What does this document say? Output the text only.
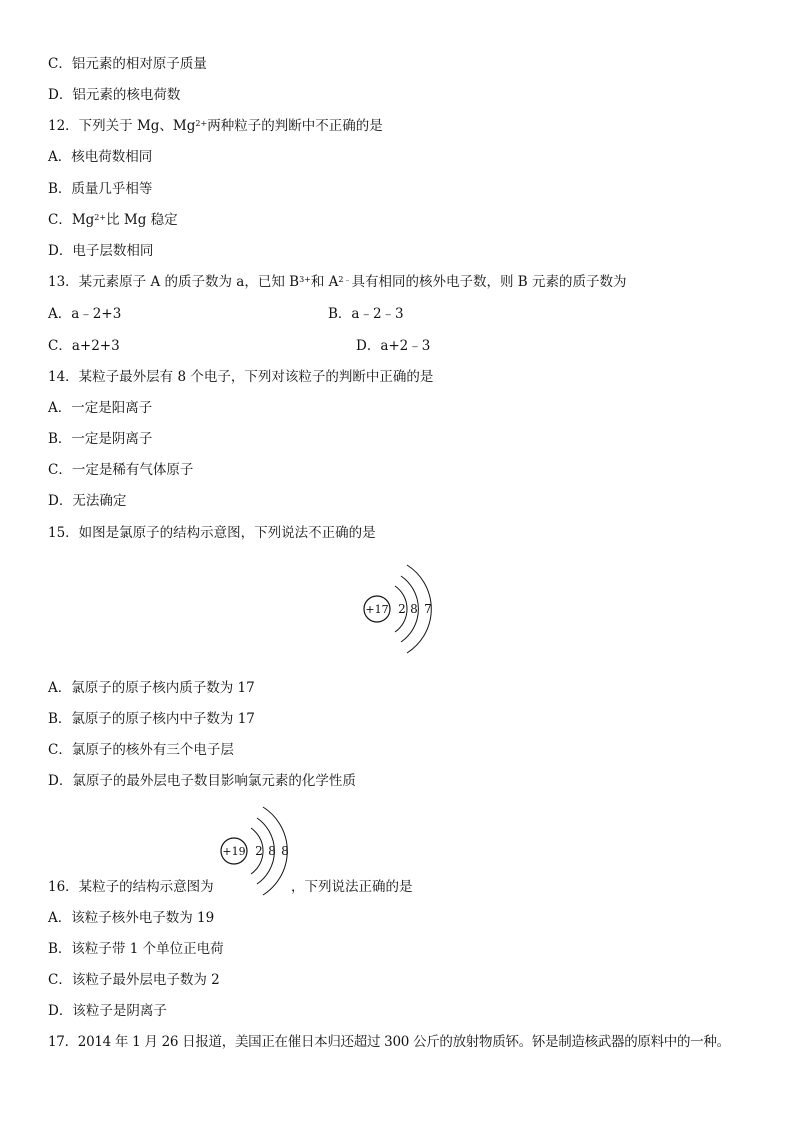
C．铝元素的相对原子质量
D．铝元素的核电荷数
12．下列关于 Mg、$Mg^{2+}$两种粒子的判断中不正确的是
A．核电荷数相同
B．质量几乎相等
C．$Mg^{2+}$比 Mg 稳定
D．电子层数相同
13．某元素原子 A 的质子数为 a，已知 $B^{3+}$和 $A^{2﹣}$具有相同的核外电子数，则 B 元素的质子数为
A．a﹣2+3	B．a﹣2﹣3
C．a+2+3	D．a+2﹣3
14．某粒子最外层有 8 个电子，下列对该粒子的判断中正确的是
A．一定是阳离子
B．一定是阴离子
C．一定是稀有气体原子
D．无法确定
15．如图是氯原子的结构示意图，下列说法不正确的是
+17 2 8 7
A．氯原子的原子核内质子数为 17
B．氯原子的原子核内中子数为 17
C．氯原子的核外有三个电子层
D．氯原子的最外层电子数目影响氯元素的化学性质
+19 2 8 8
16．某粒子的结构示意图为	，下列说法正确的是
A．该粒子核外电子数为 19
B．该粒子带 1 个单位正电荷
C．该粒子最外层电子数为 2
D．该粒子是阴离子
17．2014 年 1 月 26 日报道，美国正在催日本归还超过 300 公斤的放射物质钚。钚是制造核武器的原料中的一种。
